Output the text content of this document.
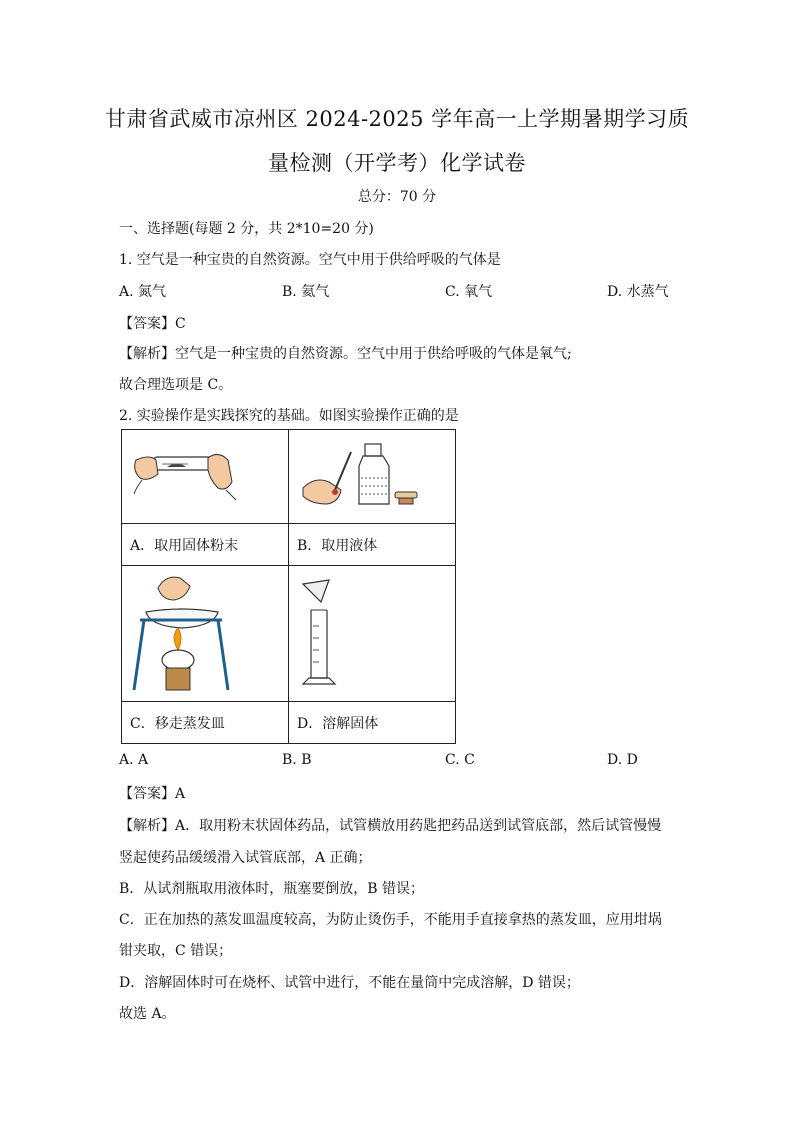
甘肃省武威市凉州区 2024-2025 学年高一上学期暑期学习质
量检测（开学考）化学试卷
总分：70 分
一、选择题(每题 2 分，共 2*10=20 分)
1. 空气是一种宝贵的自然资源。空气中用于供给呼吸的气体是
A. 氮气	B. 氦气	C. 氧气	D. 水蒸气
【答案】C
【解析】空气是一种宝贵的自然资源。空气中用于供给呼吸的气体是氧气;
故合理选项是 C。
2. 实验操作是实践探究的基础。如图实验操作正确的是

A．取用固体粉末	B．取用液体

C．移走蒸发皿	D．溶解固体
A. A	B. B	C. C	D. D
【答案】A
【解析】A．取用粉末状固体药品，试管横放用药匙把药品送到试管底部，然后试管慢慢
竖起使药品缓缓滑入试管底部，A 正确；
B．从试剂瓶取用液体时，瓶塞要倒放，B 错误；
C．正在加热的蒸发皿温度较高，为防止烫伤手，不能用手直接拿热的蒸发皿，应用坩埚
钳夹取，C 错误；
D．溶解固体时可在烧杯、试管中进行，不能在量筒中完成溶解，D 错误；
故选 A。
